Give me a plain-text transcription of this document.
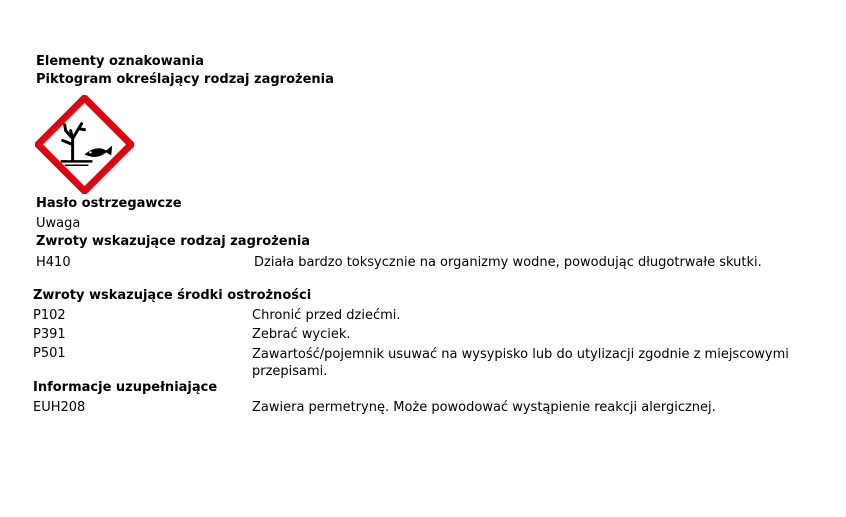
Elementy oznakowania
Piktogram określający rodzaj zagrożenia
Hasło ostrzegawcze
Uwaga
Zwroty wskazujące rodzaj zagrożenia
H410	Działa bardzo toksycznie na organizmy wodne, powodując długotrwałe skutki.
Zwroty wskazujące środki ostrożności
P102	Chronić przed dziećmi.
P391	Zebrać wyciek.
P501	Zawartość/pojemnik usuwać na wysypisko lub do utylizacji zgodnie z miejscowymi przepisami.
Informacje uzupełniające
EUH208	Zawiera permetrynę. Może powodować wystąpienie reakcji alergicznej.
